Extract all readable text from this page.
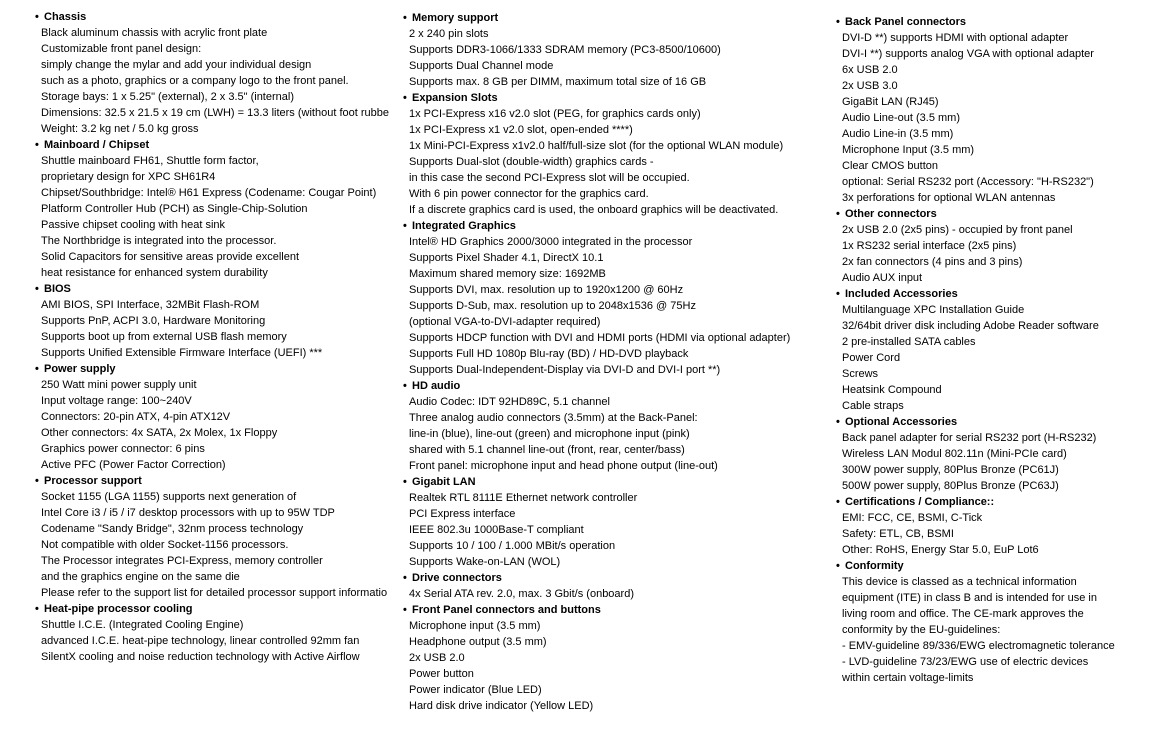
• Chassis
Black aluminum chassis with acrylic front plate
Customizable front panel design:
simply change the mylar and add your individual design
such as a photo, graphics or a company logo to the front panel.
Storage bays: 1 x 5.25" (external), 2 x 3.5" (internal)
Dimensions: 32.5 x 21.5 x 19 cm (LWH) = 13.3 liters (without foot rubbe
Weight: 3.2 kg net / 5.0 kg gross
• Mainboard / Chipset
Shuttle mainboard FH61, Shuttle form factor,
proprietary design for XPC SH61R4
Chipset/Southbridge: Intel® H61 Express (Codename: Cougar Point)
Platform Controller Hub (PCH) as Single-Chip-Solution
Passive chipset cooling with heat sink
The Northbridge is integrated into the processor.
Solid Capacitors for sensitive areas provide excellent
heat resistance for enhanced system durability
• BIOS
AMI BIOS, SPI Interface, 32MBit Flash-ROM
Supports PnP, ACPI 3.0, Hardware Monitoring
Supports boot up from external USB flash memory
Supports Unified Extensible Firmware Interface (UEFI) ***
• Power supply
250 Watt mini power supply unit
Input voltage range: 100~240V
Connectors: 20-pin ATX, 4-pin ATX12V
Other connectors: 4x SATA, 2x Molex, 1x Floppy
Graphics power connector: 6 pins
Active PFC (Power Factor Correction)
• Processor support
Socket 1155 (LGA 1155) supports next generation of
Intel Core i3 / i5 / i7 desktop processors with up to 95W TDP
Codename "Sandy Bridge", 32nm process technology
Not compatible with older Socket-1156 processors.
The Processor integrates PCI-Express, memory controller
and the graphics engine on the same die
Please refer to the support list for detailed processor support informatio
• Heat-pipe processor cooling
Shuttle I.C.E. (Integrated Cooling Engine)
advanced I.C.E. heat-pipe technology, linear controlled 92mm fan
SilentX cooling and noise reduction technology with Active Airflow
• Memory support
2 x 240 pin slots
Supports DDR3-1066/1333 SDRAM memory (PC3-8500/10600)
Supports Dual Channel mode
Supports max. 8 GB per DIMM, maximum total size of 16 GB
• Expansion Slots
1x PCI-Express x16 v2.0 slot (PEG, for graphics cards only)
1x PCI-Express x1 v2.0 slot, open-ended ****)
1x Mini-PCI-Express x1v2.0 half/full-size slot (for the optional WLAN module)
Supports Dual-slot (double-width) graphics cards -
in this case the second PCI-Express slot will be occupied.
With 6 pin power connector for the graphics card.
If a discrete graphics card is used, the onboard graphics will be deactivated.
• Integrated Graphics
Intel® HD Graphics 2000/3000 integrated in the processor
Supports Pixel Shader 4.1, DirectX 10.1
Maximum shared memory size: 1692MB
Supports DVI, max. resolution up to 1920x1200 @ 60Hz
Supports D-Sub, max. resolution up to 2048x1536 @ 75Hz
(optional VGA-to-DVI-adapter required)
Supports HDCP function with DVI and HDMI ports (HDMI via optional adapter)
Supports Full HD 1080p Blu-ray (BD) / HD-DVD playback
Supports Dual-Independent-Display via DVI-D and DVI-I port **)
• HD audio
Audio Codec: IDT 92HD89C, 5.1 channel
Three analog audio connectors (3.5mm) at the Back-Panel:
line-in (blue), line-out (green) and microphone input (pink)
shared with 5.1 channel line-out (front, rear, center/bass)
Front panel: microphone input and head phone output (line-out)
• Gigabit LAN
Realtek RTL 8111E Ethernet network controller
PCI Express interface
IEEE 802.3u 1000Base-T compliant
Supports 10 / 100 / 1.000 MBit/s operation
Supports Wake-on-LAN (WOL)
• Drive connectors
4x Serial ATA rev. 2.0, max. 3 Gbit/s (onboard)
• Front Panel connectors and buttons
Microphone input (3.5 mm)
Headphone output (3.5 mm)
2x USB 2.0
Power button
Power indicator (Blue LED)
Hard disk drive indicator (Yellow LED)
• Back Panel connectors
DVI-D **) supports HDMI with optional adapter
DVI-I **) supports analog VGA with optional adapter
6x USB 2.0
2x USB 3.0
GigaBit LAN (RJ45)
Audio Line-out (3.5 mm)
Audio Line-in (3.5 mm)
Microphone Input (3.5 mm)
Clear CMOS button
optional: Serial RS232 port (Accessory: "H-RS232")
3x perforations for optional WLAN antennas
• Other connectors
2x USB 2.0 (2x5 pins) - occupied by front panel
1x RS232 serial interface (2x5 pins)
2x fan connectors (4 pins and 3 pins)
Audio AUX input
• Included Accessories
Multilanguage XPC Installation Guide
32/64bit driver disk including Adobe Reader software
2 pre-installed SATA cables
Power Cord
Screws
Heatsink Compound
Cable straps
• Optional Accessories
Back panel adapter for serial RS232 port (H-RS232)
Wireless LAN Modul 802.11n (Mini-PCIe card)
300W power supply, 80Plus Bronze (PC61J)
500W power supply, 80Plus Bronze (PC63J)
• Certifications / Compliance::
EMI: FCC, CE, BSMI, C-Tick
Safety: ETL, CB, BSMI
Other: RoHS, Energy Star 5.0, EuP Lot6
• Conformity
This device is classed as a technical information
equipment (ITE) in class B and is intended for use in
living room and office. The CE-mark approves the
conformity by the EU-guidelines:
- EMV-guideline 89/336/EWG electromagnetic tolerance
- LVD-guideline 73/23/EWG use of electric devices
within certain voltage-limits
